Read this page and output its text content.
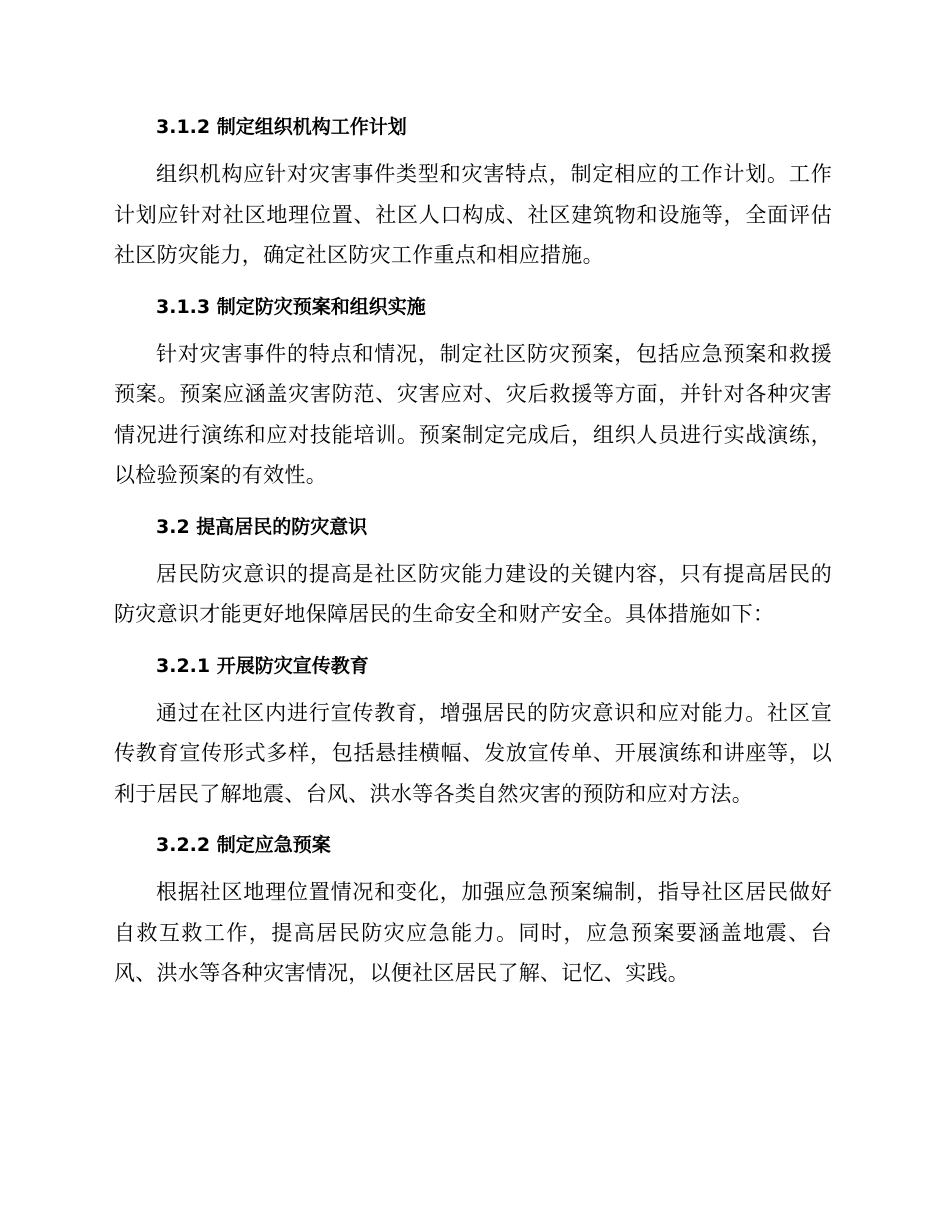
3.1.2 制定组织机构工作计划

组织机构应针对灾害事件类型和灾害特点，制定相应的工作计划。工作计划应针对社区地理位置、社区人口构成、社区建筑物和设施等，全面评估社区防灾能力，确定社区防灾工作重点和相应措施。

3.1.3 制定防灾预案和组织实施

针对灾害事件的特点和情况，制定社区防灾预案，包括应急预案和救援预案。预案应涵盖灾害防范、灾害应对、灾后救援等方面，并针对各种灾害情况进行演练和应对技能培训。预案制定完成后，组织人员进行实战演练，以检验预案的有效性。

3.2 提高居民的防灾意识

居民防灾意识的提高是社区防灾能力建设的关键内容，只有提高居民的防灾意识才能更好地保障居民的生命安全和财产安全。具体措施如下：

3.2.1 开展防灾宣传教育

通过在社区内进行宣传教育，增强居民的防灾意识和应对能力。社区宣传教育宣传形式多样，包括悬挂横幅、发放宣传单、开展演练和讲座等，以利于居民了解地震、台风、洪水等各类自然灾害的预防和应对方法。

3.2.2 制定应急预案

根据社区地理位置情况和变化，加强应急预案编制，指导社区居民做好自救互救工作，提高居民防灾应急能力。同时，应急预案要涵盖地震、台风、洪水等各种灾害情况，以便社区居民了解、记忆、实践。
